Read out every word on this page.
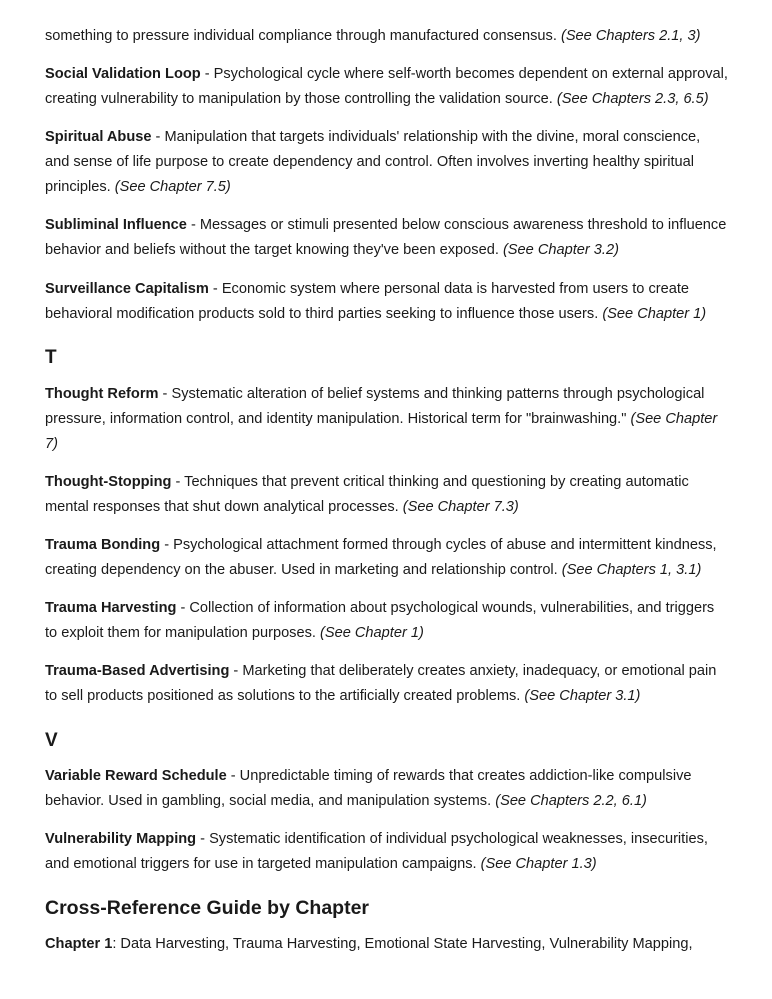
something to pressure individual compliance through manufactured consensus. (See Chapters 2.1, 3)

Social Validation Loop - Psychological cycle where self-worth becomes dependent on external approval, creating vulnerability to manipulation by those controlling the validation source. (See Chapters 2.3, 6.5)

Spiritual Abuse - Manipulation that targets individuals' relationship with the divine, moral conscience, and sense of life purpose to create dependency and control. Often involves inverting healthy spiritual principles. (See Chapter 7.5)

Subliminal Influence - Messages or stimuli presented below conscious awareness threshold to influence behavior and beliefs without the target knowing they've been exposed. (See Chapter 3.2)

Surveillance Capitalism - Economic system where personal data is harvested from users to create behavioral modification products sold to third parties seeking to influence those users. (See Chapter 1)

T

Thought Reform - Systematic alteration of belief systems and thinking patterns through psychological pressure, information control, and identity manipulation. Historical term for "brainwashing." (See Chapter 7)

Thought-Stopping - Techniques that prevent critical thinking and questioning by creating automatic mental responses that shut down analytical processes. (See Chapter 7.3)

Trauma Bonding - Psychological attachment formed through cycles of abuse and intermittent kindness, creating dependency on the abuser. Used in marketing and relationship control. (See Chapters 1, 3.1)

Trauma Harvesting - Collection of information about psychological wounds, vulnerabilities, and triggers to exploit them for manipulation purposes. (See Chapter 1)

Trauma-Based Advertising - Marketing that deliberately creates anxiety, inadequacy, or emotional pain to sell products positioned as solutions to the artificially created problems. (See Chapter 3.1)

V

Variable Reward Schedule - Unpredictable timing of rewards that creates addiction-like compulsive behavior. Used in gambling, social media, and manipulation systems. (See Chapters 2.2, 6.1)

Vulnerability Mapping - Systematic identification of individual psychological weaknesses, insecurities, and emotional triggers for use in targeted manipulation campaigns. (See Chapter 1.3)

Cross-Reference Guide by Chapter

Chapter 1: Data Harvesting, Trauma Harvesting, Emotional State Harvesting, Vulnerability Mapping,
